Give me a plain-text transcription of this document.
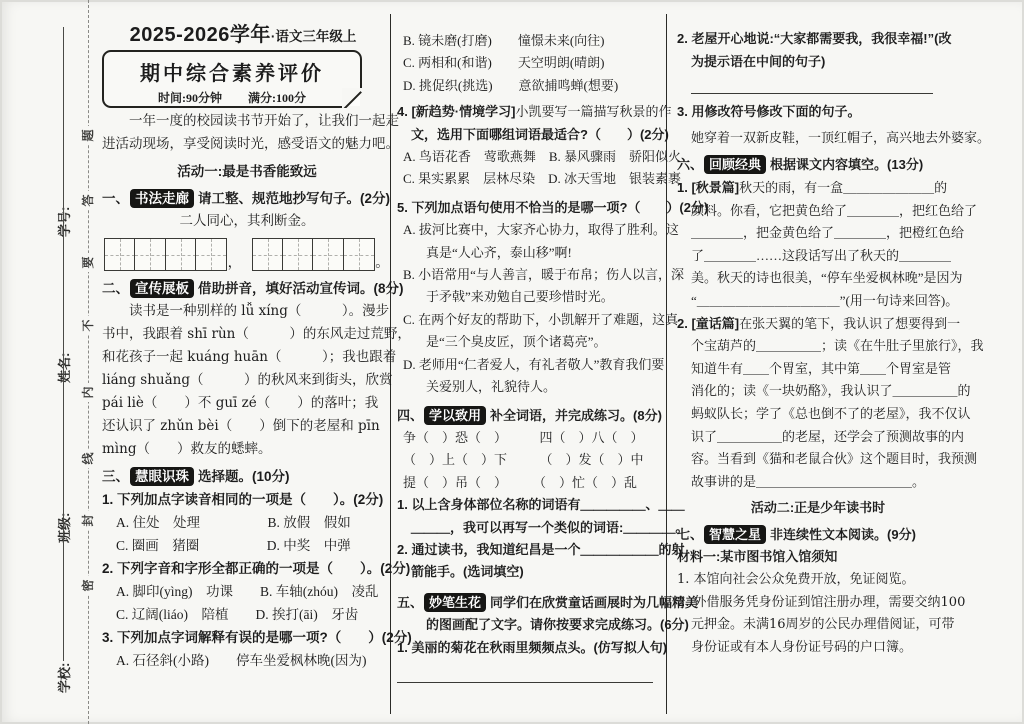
题
答
要
不
内
线
封
密
学号:
姓名:
班级:
学校:
2025-2026学年·语文三年级上
期中综合素养评价
时间:90分钟 满分:100分
一年一度的校园读书节开始了，让我们一起走
进活动现场，享受阅读时光，感受语文的魅力吧。
活动一:最是书香能致远
一、 书法走廊 请工整、规范地抄写句子。(2分)
二人同心，其利断金。
，	。
二、 宣传展板 借助拼音，填好活动宣传词。(8分)
读书是一种别样的 lǚ xíng（　　　）。漫步
书中，我跟着 shī rùn（　　　）的东风走过荒野，
和花孩子一起 kuáng huān（　　　）；我也跟着
liáng shuǎng（　　　）的秋风来到街头，欣赏
pái liè（　　）不 guī zé（　　）的落叶；我
还认识了 zhǔn bèi（　　）倒下的老屋和 pīn
mìng（　　）救友的蟋蟀。
三、 慧眼识珠 选择题。(10分)
1. 下列加点字读音相同的一项是（　　）。(2分)
A. 住处　处理　　　　　B. 放假　假如
C. 圈画　猪圈　　　　　D. 中奖　中弹
2. 下列字音和字形全都正确的一项是（　　）。(2分)
A. 脚印(yìng)　功课　　B. 车轴(zhóu)　凌乱
C. 辽阔(liáo)　陪植　　D. 挨打(āi)　牙齿
3. 下列加点字词解释有误的是哪一项?（　　）(2分)
A. 石径斜(小路)　　停车坐爱枫林晚(因为)
B. 镜未磨(打磨)　　憧憬未来(向往)
C. 两相和(和谐)　　天空明朗(晴朗)
D. 挑促织(挑选)　　意欲捕鸣蝉(想要)
4. [新趋势·情境学习]小凯要写一篇描写秋景的作
文，选用下面哪组词语最适合?（　　）(2分)
A. 鸟语花香　莺歌燕舞　B. 暴风骤雨　骄阳似火
C. 果实累累　层林尽染　D. 冰天雪地　银装素裹
5. 下列加点语句使用不恰当的是哪一项?（　　）(2分)
A. 拔河比赛中，大家齐心协力，取得了胜利。这
真是“人心齐，泰山移”啊!
B. 小语常用“与人善言，暖于布帛；伤人以言，深
于矛戟”来劝勉自己要珍惜时光。
C. 在两个好友的帮助下，小凯解开了难题，这真
是“三个臭皮匠，顶个诸葛亮”。
D. 老师用“仁者爱人，有礼者敬人”教育我们要
关爱别人，礼貌待人。
四、 学以致用 补全词语，并完成练习。(8分)
争（　）恐（　）　　　四（　）八（　）
（　）上（　）下　　　（　）发（　）中
提（　）吊（　）　　　（　）忙（　）乱
1. 以上含身体部位名称的词语有＿＿＿＿＿、＿＿
＿＿＿，我可以再写一个类似的词语:＿＿＿＿。
2. 通过读书，我知道纪昌是一个＿＿＿＿＿＿的射
箭能手。(选词填空)
五、 妙笔生花 同学们在欣赏童话画展时为几幅精美
的图画配了文字。请你按要求完成练习。(6分)
1. 美丽的菊花在秋雨里频频点头。(仿写拟人句)
2. 老屋开心地说:“大家都需要我，我很幸福!”(改
为提示语在中间的句子)
3. 用修改符号修改下面的句子。
她穿着一双新皮鞋，一顶红帽子，高兴地去外婆家。
六、 回顾经典 根据课文内容填空。(13分)
1. [秋景篇]秋天的雨，有一盒＿＿＿＿＿＿＿的
颜料。你看，它把黄色给了＿＿＿＿，把红色给了
＿＿＿＿，把金黄色给了＿＿＿＿，把橙红色给
了＿＿＿＿……这段话写出了秋天的＿＿＿＿
美。秋天的诗也很美，“停车坐爱枫林晚”是因为
“＿＿＿＿＿＿＿＿＿＿＿”(用一句诗来回答)。
2. [童话篇]在张天翼的笔下，我认识了想要得到一
个宝葫芦的＿＿＿＿＿；读《在牛肚子里旅行》，我
知道牛有＿＿个胃室，其中第＿＿个胃室是管
消化的；读《一块奶酪》，我认识了＿＿＿＿＿的
蚂蚁队长；学了《总也倒不了的老屋》，我不仅认
识了＿＿＿＿＿的老屋，还学会了预测故事的内
容。当看到《猫和老鼠合伙》这个题目时，我预测
故事讲的是＿＿＿＿＿＿＿＿＿＿＿＿。
活动二:正是少年读书时
七、 智慧之星 非连续性文本阅读。(9分)
材料一:某市图书馆入馆须知
1. 本馆向社会公众免费开放，免证阅览。
2. 外借服务凭身份证到馆注册办理，需要交纳100
元押金。未满16周岁的公民办理借阅证，可带
身份证或有本人身份证号码的户口簿。
